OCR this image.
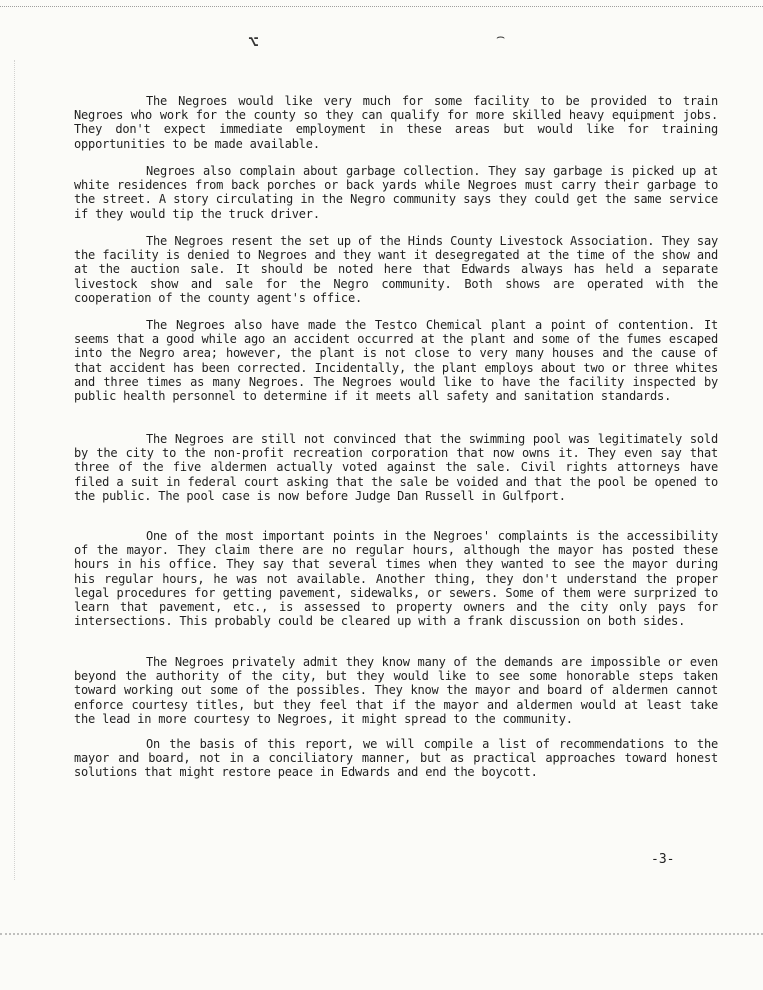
⌥	⌢

The Negroes would like very much for some facility to be provided to train Negroes who work for the county so they can qualify for more skilled heavy equipment jobs. They don't expect immediate employment in these areas but would like for training opportunities to be made available.

Negroes also complain about garbage collection. They say garbage is picked up at white residences from back porches or back yards while Negroes must carry their garbage to the street. A story circulating in the Negro community says they could get the same service if they would tip the truck driver.

The Negroes resent the set up of the Hinds County Livestock Association. They say the facility is denied to Negroes and they want it desegregated at the time of the show and at the auction sale. It should be noted here that Edwards always has held a separate livestock show and sale for the Negro community. Both shows are operated with the cooperation of the county agent's office.

The Negroes also have made the Testco Chemical plant a point of contention. It seems that a good while ago an accident occurred at the plant and some of the fumes escaped into the Negro area; however, the plant is not close to very many houses and the cause of that accident has been corrected. Incidentally, the plant employs about two or three whites and three times as many Negroes. The Negroes would like to have the facility inspected by public health personnel to determine if it meets all safety and sanitation standards.

The Negroes are still not convinced that the swimming pool was legitimately sold by the city to the non-profit recreation corporation that now owns it. They even say that three of the five aldermen actually voted against the sale. Civil rights attorneys have filed a suit in federal court asking that the sale be voided and that the pool be opened to the public. The pool case is now before Judge Dan Russell in Gulfport.

One of the most important points in the Negroes' complaints is the accessibility of the mayor. They claim there are no regular hours, although the mayor has posted these hours in his office. They say that several times when they wanted to see the mayor during his regular hours, he was not available. Another thing, they don't understand the proper legal procedures for getting pavement, sidewalks, or sewers. Some of them were surprized to learn that pavement, etc., is assessed to property owners and the city only pays for intersections. This probably could be cleared up with a frank discussion on both sides.

The Negroes privately admit they know many of the demands are impossible or even beyond the authority of the city, but they would like to see some honorable steps taken toward working out some of the possibles. They know the mayor and board of aldermen cannot enforce courtesy titles, but they feel that if the mayor and aldermen would at least take the lead in more courtesy to Negroes, it might spread to the community.

On the basis of this report, we will compile a list of recommendations to the mayor and board, not in a conciliatory manner, but as practical approaches toward honest solutions that might restore peace in Edwards and end the boycott.

-3-
